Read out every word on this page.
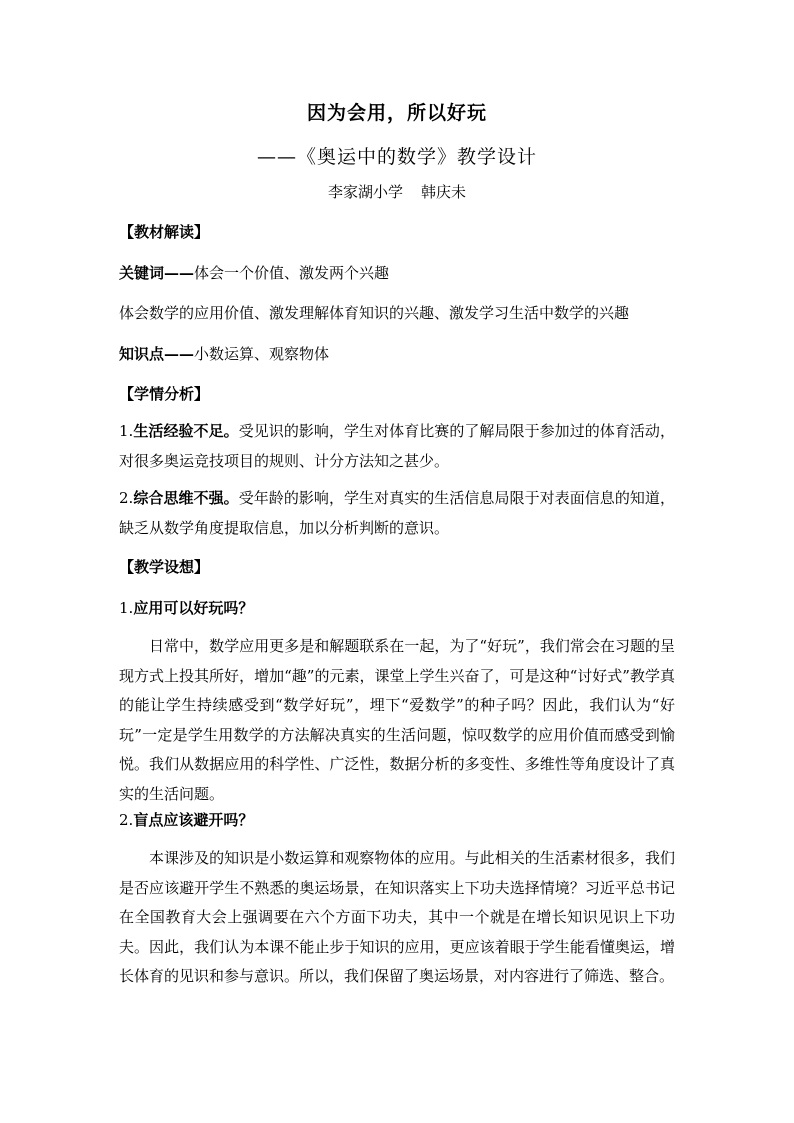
因为会用，所以好玩
——《奥运中的数学》教学设计
李家湖小学 韩庆未
【教材解读】
关键词——体会一个价值、激发两个兴趣
体会数学的应用价值、激发理解体育知识的兴趣、激发学习生活中数学的兴趣
知识点——小数运算、观察物体
【学情分析】
1.生活经验不足。受见识的影响，学生对体育比赛的了解局限于参加过的体育活动，对很多奥运竞技项目的规则、计分方法知之甚少。
2.综合思维不强。受年龄的影响，学生对真实的生活信息局限于对表面信息的知道，缺乏从数学角度提取信息，加以分析判断的意识。
【教学设想】
1.应用可以好玩吗？
日常中，数学应用更多是和解题联系在一起，为了“好玩”，我们常会在习题的呈现方式上投其所好，增加“趣”的元素，课堂上学生兴奋了，可是这种“讨好式”教学真的能让学生持续感受到“数学好玩”，埋下“爱数学”的种子吗？因此，我们认为“好玩”一定是学生用数学的方法解决真实的生活问题，惊叹数学的应用价值而感受到愉悦。我们从数据应用的科学性、广泛性，数据分析的多变性、多维性等角度设计了真实的生活问题。
2.盲点应该避开吗？
本课涉及的知识是小数运算和观察物体的应用。与此相关的生活素材很多，我们是否应该避开学生不熟悉的奥运场景，在知识落实上下功夫选择情境？习近平总书记在全国教育大会上强调要在六个方面下功夫，其中一个就是在增长知识见识上下功夫。因此，我们认为本课不能止步于知识的应用，更应该着眼于学生能看懂奥运，增长体育的见识和参与意识。所以，我们保留了奥运场景，对内容进行了筛选、整合。
